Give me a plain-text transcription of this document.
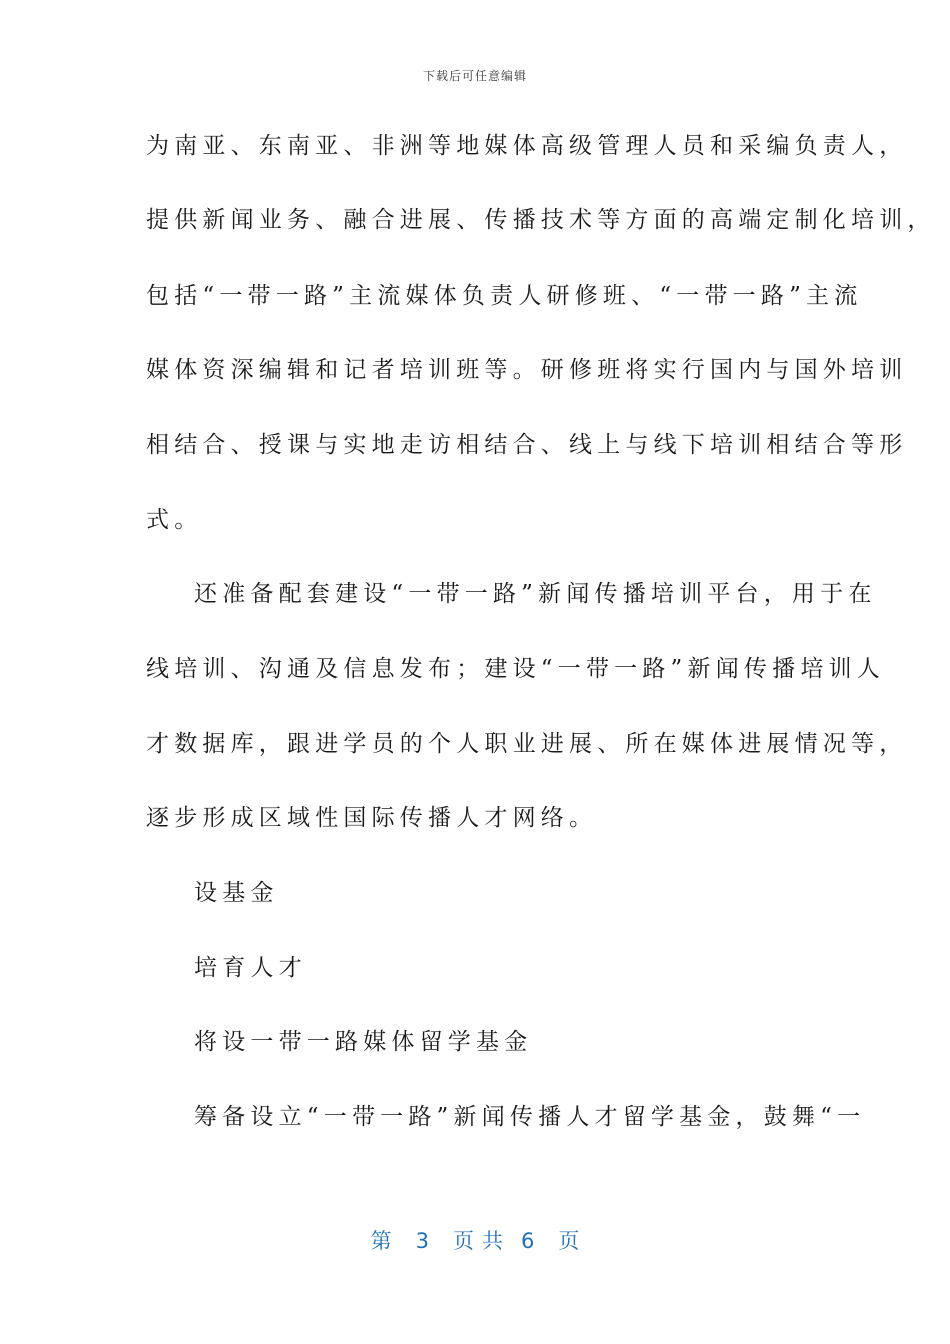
下载后可任意编辑
为南亚、东南亚、非洲等地媒体高级管理人员和采编负责人，
提供新闻业务、融合进展、传播技术等方面的高端定制化培训，
包括“一带一路”主流媒体负责人研修班、“一带一路”主流
媒体资深编辑和记者培训班等。研修班将实行国内与国外培训
相结合、授课与实地走访相结合、线上与线下培训相结合等形
式。
还准备配套建设“一带一路”新闻传播培训平台，用于在
线培训、沟通及信息发布；建设“一带一路”新闻传播培训人
才数据库，跟进学员的个人职业进展、所在媒体进展情况等，
逐步形成区域性国际传播人才网络。
设基金
培育人才
将设一带一路媒体留学基金
筹备设立“一带一路”新闻传播人才留学基金，鼓舞“一
第 3 页共 6 页
